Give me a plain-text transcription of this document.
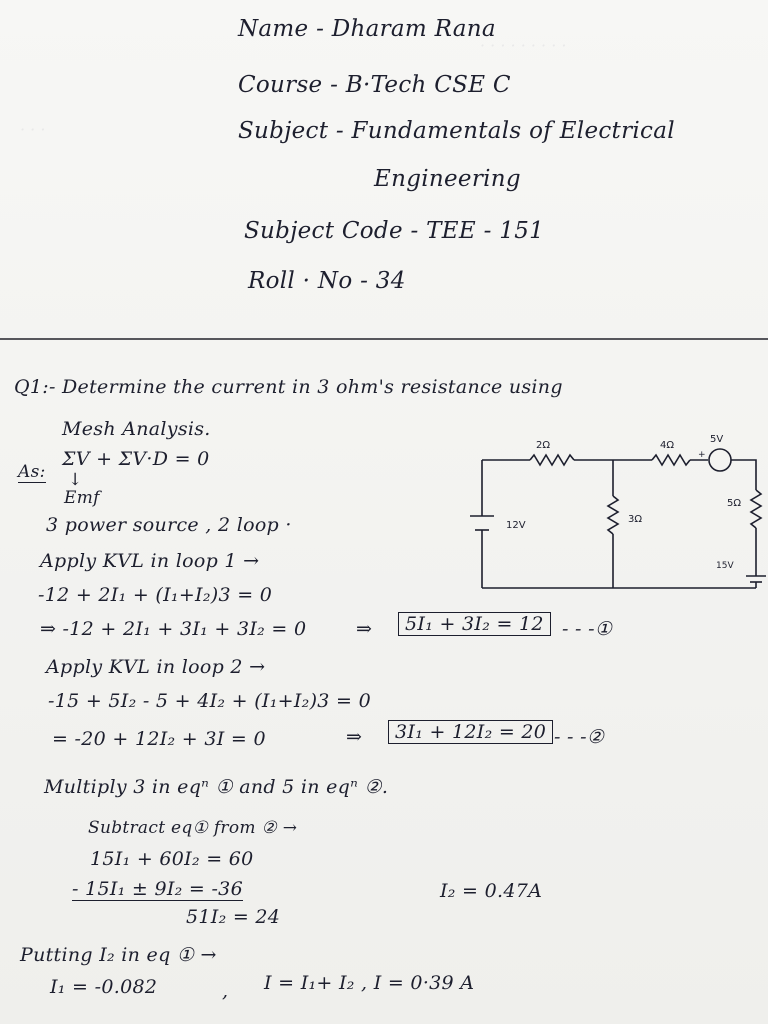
· · · · · · · · ·
· · ·
Name - Dharam Rana
Course - B·Tech CSE C
Subject - Fundamentals of Electrical
Engineering
Subject Code - TEE - 151
Roll · No - 34
Q1:- Determine the current in 3 ohm's resistance using
Mesh Analysis.
2Ω	4Ω
5V
5Ω
3Ω
12V
15V
+
As:
ΣV + ΣV·D = 0
↓
Emf
3 power source , 2 loop ·
Apply KVL in loop 1 →
-12 + 2I₁ + (I₁+I₂)3 = 0
⇒ -12 + 2I₁ + 3I₁ + 3I₂ = 0	⇒	5I₁ + 3I₂ = 12 - - -①
Apply KVL in loop 2 →
-15 + 5I₂ - 5 + 4I₂ + (I₁+I₂)3 = 0
= -20 + 12I₂ + 3I = 0	⇒	3I₁ + 12I₂ = 20 - - -②
Multiply 3 in eqⁿ ① and 5 in eqⁿ ②.
Subtract eq① from ② →
15I₁ + 60I₂ = 60
- 15I₁ ± 9I₂ = -36
51I₂ = 24
I₂ = 0.47A
Putting I₂ in eq ① →
I₁ = -0.082	, I = I₁+ I₂ , I = 0·39 A
